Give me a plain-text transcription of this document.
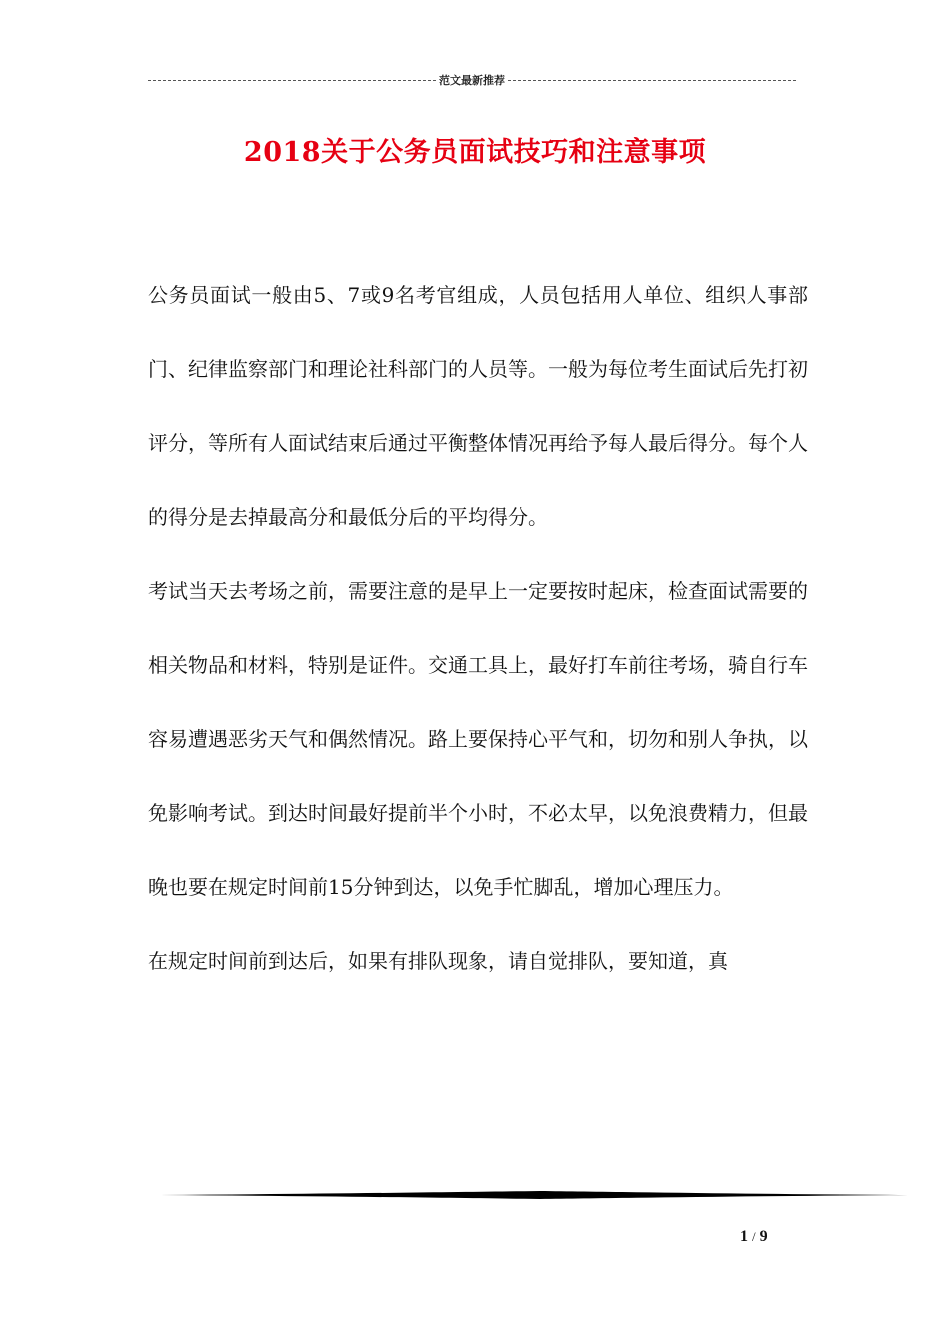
范文最新推荐
2018关于公务员面试技巧和注意事项

公务员面试一般由5、7或9名考官组成，人员包括用人单位、组织人事部门、纪律监察部门和理论社科部门的人员等。一般为每位考生面试后先打初评分，等所有人面试结束后通过平衡整体情况再给予每人最后得分。每个人的得分是去掉最高分和最低分后的平均得分。

考试当天去考场之前，需要注意的是早上一定要按时起床，检查面试需要的相关物品和材料，特别是证件。交通工具上，最好打车前往考场，骑自行车容易遭遇恶劣天气和偶然情况。路上要保持心平气和，切勿和别人争执，以免影响考试。到达时间最好提前半个小时，不必太早，以免浪费精力，但最晚也要在规定时间前15分钟到达，以免手忙脚乱，增加心理压力。

在规定时间前到达后，如果有排队现象，请自觉排队，要知道，真

1 / 9
